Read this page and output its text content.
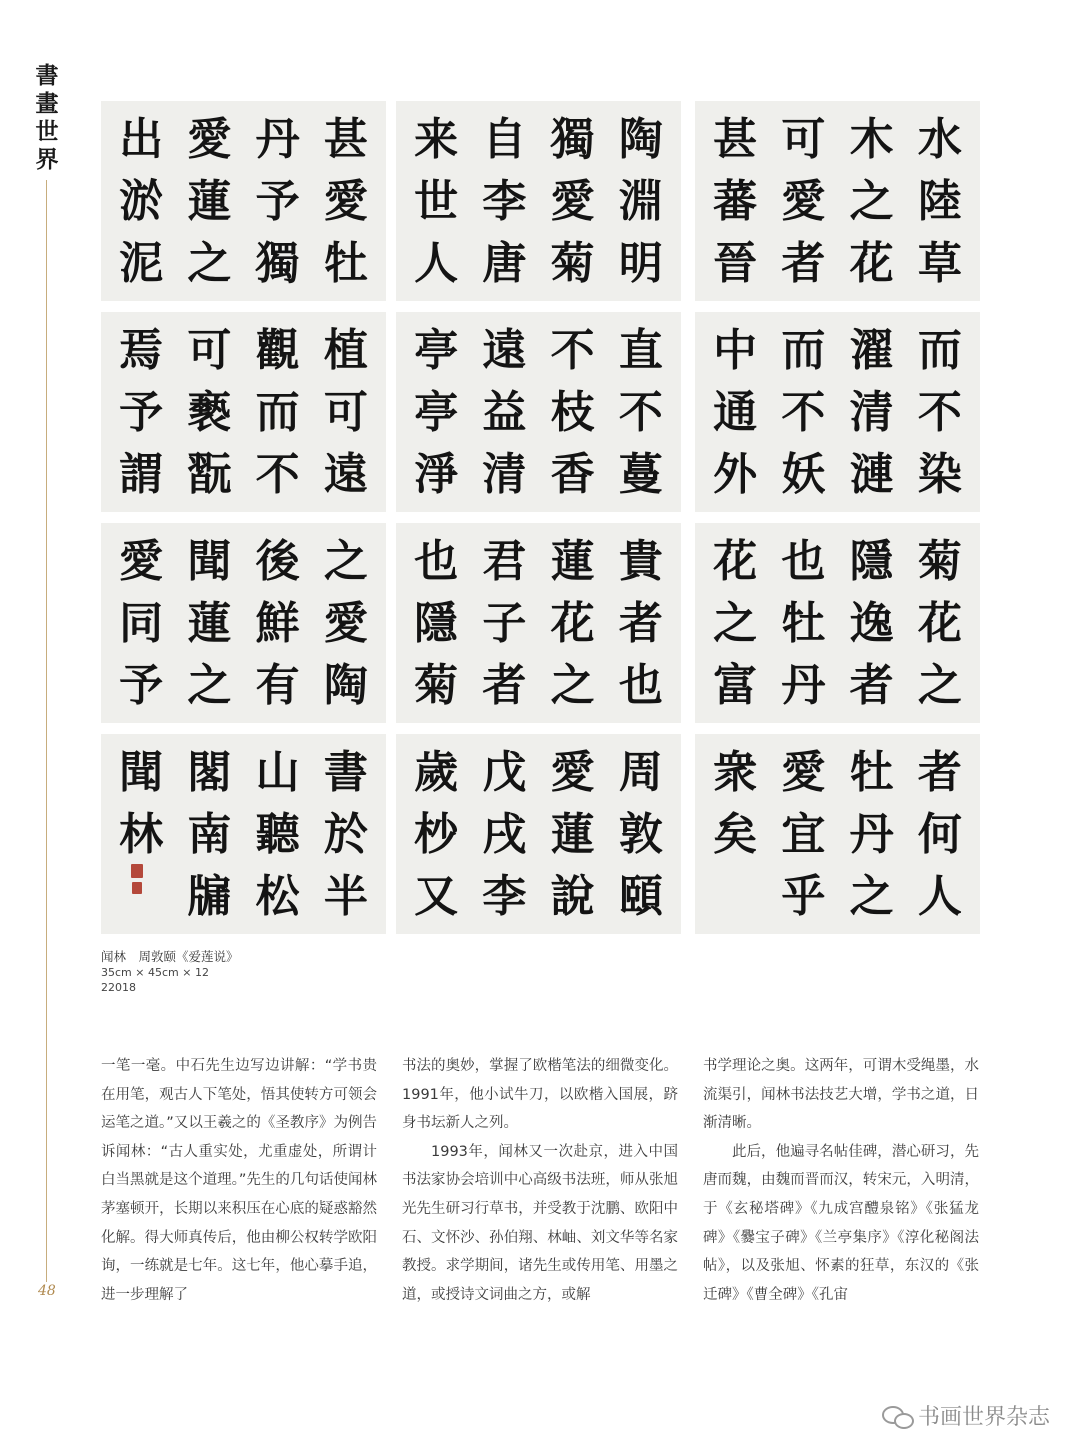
書畫世界
48
水
陸
草
木
之
花
可
愛
者
甚
蕃
晉
陶
淵
明
獨
愛
菊
自
李
唐
来
世
人
甚
愛
牡
丹
予
獨
愛
蓮
之
出
淤
泥
而
不
染
濯
清
漣
而
不
妖
中
通
外
直
不
蔓
不
枝
香
遠
益
清
亭
亭
淨
植
可
遠
觀
而
不
可
褻
翫
焉
予
謂
菊
花
之
隱
逸
者
也
牡
丹
花
之
富
貴
者
也
蓮
花
之
君
子
者
也
隱
菊
之
愛
陶
後
鮮
有
聞
蓮
之
愛
同
予
者
何
人
牡
丹
之
愛
宜
乎
衆
矣
周
敦
頤
愛
蓮
說
戊
戌
李
歲
杪
又
書
於
半
山
聽
松
閣
南
牖
聞
林
闻林　周敦颐《爱莲说》
35cm × 45cm × 12
22018

一笔一毫。中石先生边写边讲解：“学书贵在用笔，观古人下笔处，悟其使转方可领会运笔之道。”又以王羲之的《圣教序》为例告诉闻林：“古人重实处，尤重虚处，所谓计白当黑就是这个道理。”先生的几句话使闻林茅塞顿开，长期以来积压在心底的疑惑豁然化解。得大师真传后，他由柳公权转学欧阳询，一练就是七年。这七年，他心摹手追，进一步理解了

书法的奥妙，掌握了欧楷笔法的细微变化。1991年，他小试牛刀，以欧楷入国展，跻身书坛新人之列。

1993年，闻林又一次赴京，进入中国书法家协会培训中心高级书法班，师从张旭光先生研习行草书，并受教于沈鹏、欧阳中石、文怀沙、孙伯翔、林岫、刘文华等名家教授。求学期间，诸先生或传用笔、用墨之道，或授诗文词曲之方，或解

书学理论之奥。这两年，可谓木受绳墨，水流渠引，闻林书法技艺大增，学书之道，日渐清晰。

此后，他遍寻名帖佳碑，潜心研习，先唐而魏，由魏而晋而汉，转宋元，入明清，于《玄秘塔碑》《九成宫醴泉铭》《张猛龙碑》《爨宝子碑》《兰亭集序》《淳化秘阁法帖》，以及张旭、怀素的狂草，东汉的《张迁碑》《曹全碑》《孔宙

书画世界杂志
